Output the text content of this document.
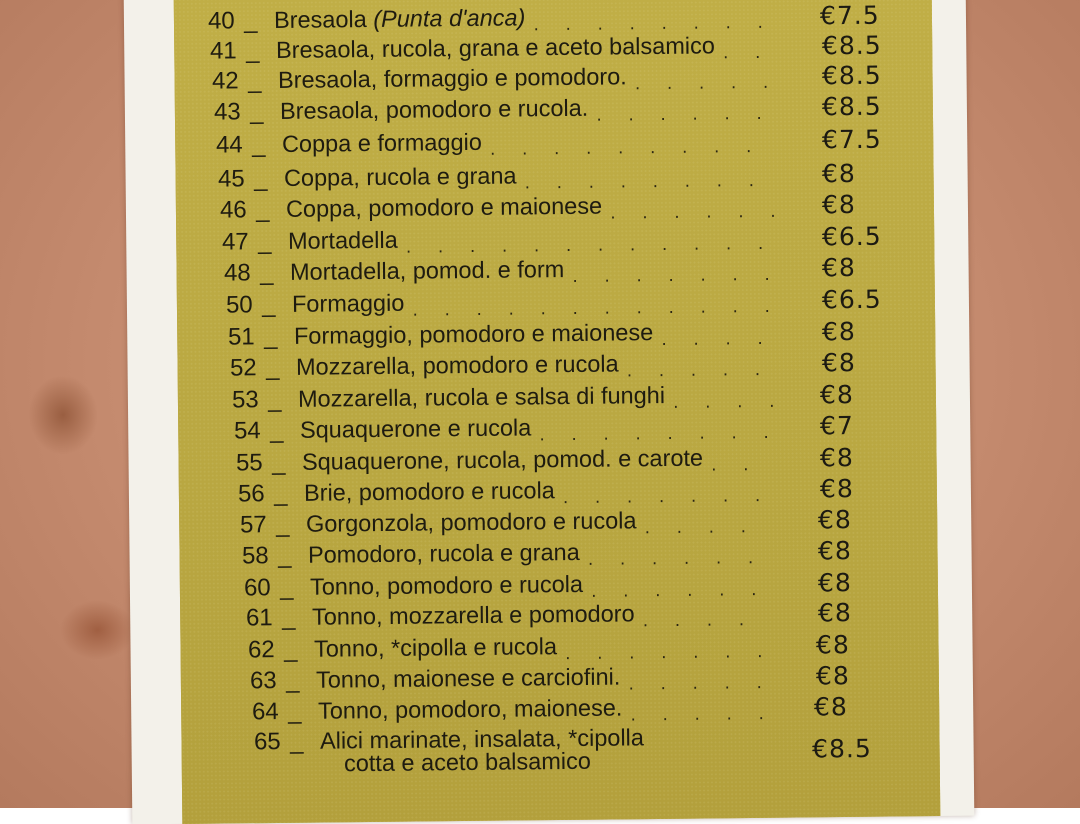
40 _ Bresaola (Punta d'anca)	€7.5
.  .  .  .  .  .  .  .  
41 _ Bresaola, rucola, grana e aceto balsamico	€8.5
.  .  
42 _ Bresaola, formaggio e pomodoro.	€8.5
.  .  .  .  .  
43 _ Bresaola, pomodoro e rucola.	€8.5
.  .  .  .  .  .  
44 _ Coppa e formaggio	€7.5
.  .  .  .  .  .  .  .  .  
45 _ Coppa, rucola e grana	€8
.  .  .  .  .  .  .  .  
46 _ Coppa, pomodoro e maionese	€8
.  .  .  .  .  .  
47 _ Mortadella	€6.5
.  .  .  .  .  .  .  .  .  .  .  .  
48 _ Mortadella, pomod. e form	€8
.  .  .  .  .  .  .  
50 _ Formaggio	€6.5
.  .  .  .  .  .  .  .  .  .  .  .  
51 _ Formaggio, pomodoro e maionese	€8
.  .  .  .  
52 _ Mozzarella, pomodoro e rucola	€8
.  .  .  .  .  
53 _ Mozzarella, rucola e salsa di funghi	€8
.  .  .  .  
54 _ Squaquerone e rucola	€7
.  .  .  .  .  .  .  .  
55 _ Squaquerone, rucola, pomod. e carote	€8
.  .  
56 _ Brie, pomodoro e rucola	€8
.  .  .  .  .  .  .  
57 _ Gorgonzola, pomodoro e rucola	€8
.  .  .  .  
58 _ Pomodoro, rucola e grana	€8
.  .  .  .  .  .  
60 _ Tonno, pomodoro e rucola	€8
.  .  .  .  .  .  
61 _ Tonno, mozzarella e pomodoro	€8
.  .  .  .  
62 _ Tonno, *cipolla e rucola	€8
.  .  .  .  .  .  .  
63 _ Tonno, maionese e carciofini.	€8
.  .  .  .  .  
64 _ Tonno, pomodoro, maionese.	€8
.  .  .  .  .  
65 _ Alici marinate, insalata, *cipolla	€8.5
cotta e aceto balsamico
